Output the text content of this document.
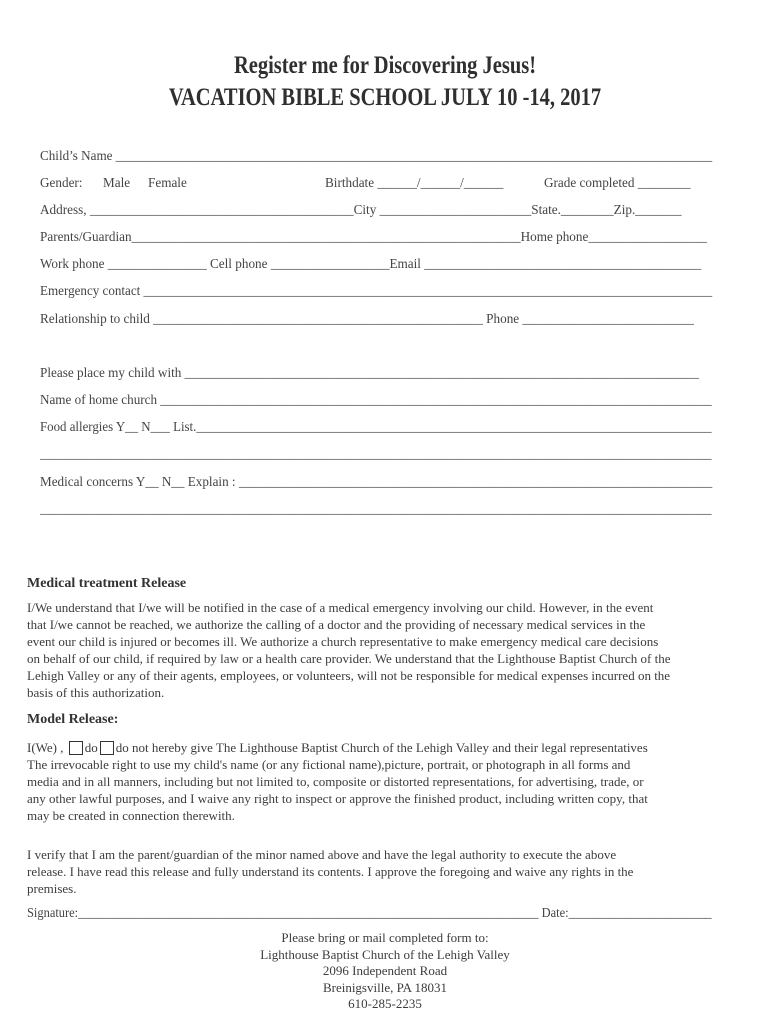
Register me for Discovering Jesus!
VACATION BIBLE SCHOOL JULY 10 -14, 2017
Child’s Name ___________________________________________________________________________________________
Gender: Male Female	Birthdate ______/______/______	Grade completed ________
Address, ________________________________________City _______________________State.________Zip._______
Parents/Guardian___________________________________________________________Home phone__________________
Work phone _______________ Cell phone __________________Email __________________________________________
Emergency contact _______________________________________________________________________________________
Relationship to child __________________________________________________ Phone __________________________
Please place my child with ______________________________________________________________________________
Name of home church ____________________________________________________________________________________
Food allergies Y__ N___ List.________________________________________________________________________________
___________________________________________________________________________________________________________
Medical concerns Y__ N__ Explain : ________________________________________________________________________
___________________________________________________________________________________________________________
Medical treatment Release
I/We understand that I/we will be notified in the case of a medical emergency involving our child. However, in the event
that I/we cannot be reached, we authorize the calling of a doctor and the providing of necessary medical services in the
event our child is injured or becomes ill. We authorize a church representative to make emergency medical care decisions
on behalf of our child, if required by law or a health care provider. We understand that the Lighthouse Baptist Church of the
Lehigh Valley or any of their agents, employees, or volunteers, will not be responsible for medical expenses incurred on the
basis of this authorization.
Model Release:
I(We) , do do not hereby give The Lighthouse Baptist Church of the Lehigh Valley and their legal representatives
The irrevocable right to use my child's name (or any fictional name),picture, portrait, or photograph in all forms and
media and in all manners, including but not limited to, composite or distorted representations, for advertising, trade, or
any other lawful purposes, and I waive any right to inspect or approve the finished product, including written copy, that
may be created in connection therewith.
I verify that I am the parent/guardian of the minor named above and have the legal authority to execute the above
release. I have read this release and fully understand its contents. I approve the foregoing and waive any rights in the
premises.
Signature:__________________________________________________________________________ Date:_______________________
Please bring or mail completed form to:
Lighthouse Baptist Church of the Lehigh Valley
2096 Independent Road
Breinigsville, PA 18031
610-285-2235
